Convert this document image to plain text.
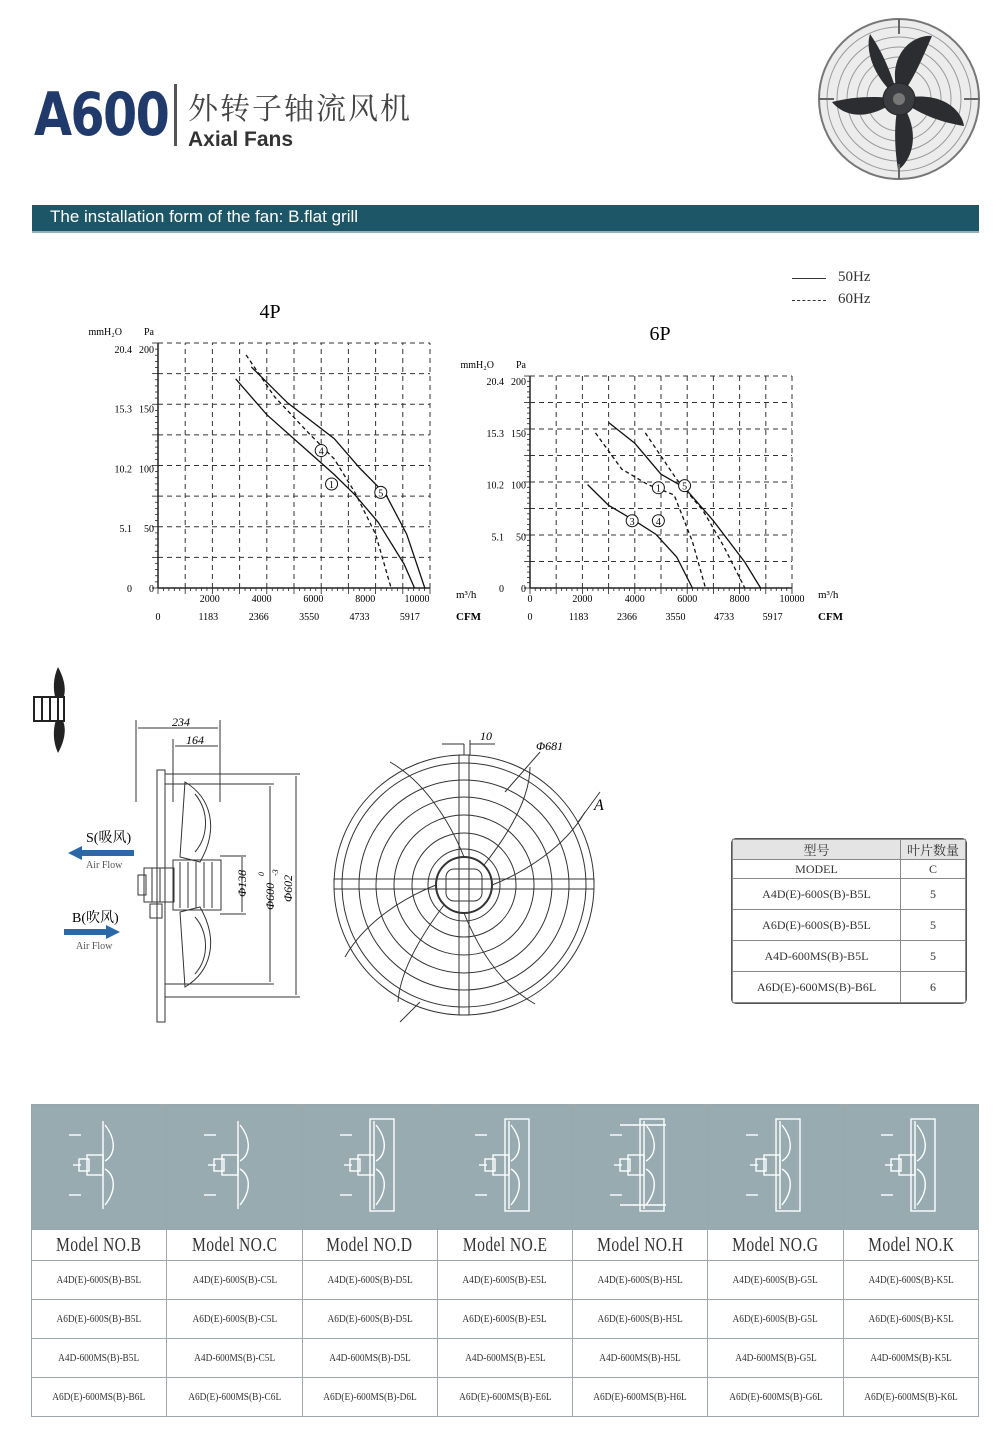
A600 外转子轴流风机
Axial Fans
The installation form of the fan: B.flat grill
50Hz
60Hz
4P
200
20.4
150
15.3
100
10.2
50
5.1
0
0
mmH₂O Pa
2000	4000	6000	8000	10000
0	1183	2366	3550	4733	5917
m³/h
CFM
4
1
5
6P
200
20.4
150
15.3
100
10.2
50
5.1
0
0
mmH₂O Pa
0	2000	4000	6000	8000	10000
0	1183	2366	3550	4733	5917
m³/h
CFM
3 4
1 5
234
164
Φ138 Φ600
0 -3
Φ602
S(吸风)
Air Flow
B(吹风)
Air Flow
10
Φ681
A
型号	叶片数量
MODEL	C
A4D(E)-600S(B)-B5L	5
A6D(E)-600S(B)-B5L	5
A4D-600MS(B)-B5L	5
A6D(E)-600MS(B)-B6L	6

Model NO.B	Model NO.C	Model NO.D	Model NO.E	Model NO.H	Model NO.G	Model NO.K
A4D(E)-600S(B)-B5L	A4D(E)-600S(B)-C5L	A4D(E)-600S(B)-D5L	A4D(E)-600S(B)-E5L	A4D(E)-600S(B)-H5L	A4D(E)-600S(B)-G5L	A4D(E)-600S(B)-K5L
A6D(E)-600S(B)-B5L	A6D(E)-600S(B)-C5L	A6D(E)-600S(B)-D5L	A6D(E)-600S(B)-E5L	A6D(E)-600S(B)-H5L	A6D(E)-600S(B)-G5L	A6D(E)-600S(B)-K5L
A4D-600MS(B)-B5L	A4D-600MS(B)-C5L	A4D-600MS(B)-D5L	A4D-600MS(B)-E5L	A4D-600MS(B)-H5L	A4D-600MS(B)-G5L	A4D-600MS(B)-K5L
A6D(E)-600MS(B)-B6L	A6D(E)-600MS(B)-C6L	A6D(E)-600MS(B)-D6L	A6D(E)-600MS(B)-E6L	A6D(E)-600MS(B)-H6L	A6D(E)-600MS(B)-G6L	A6D(E)-600MS(B)-K6L
